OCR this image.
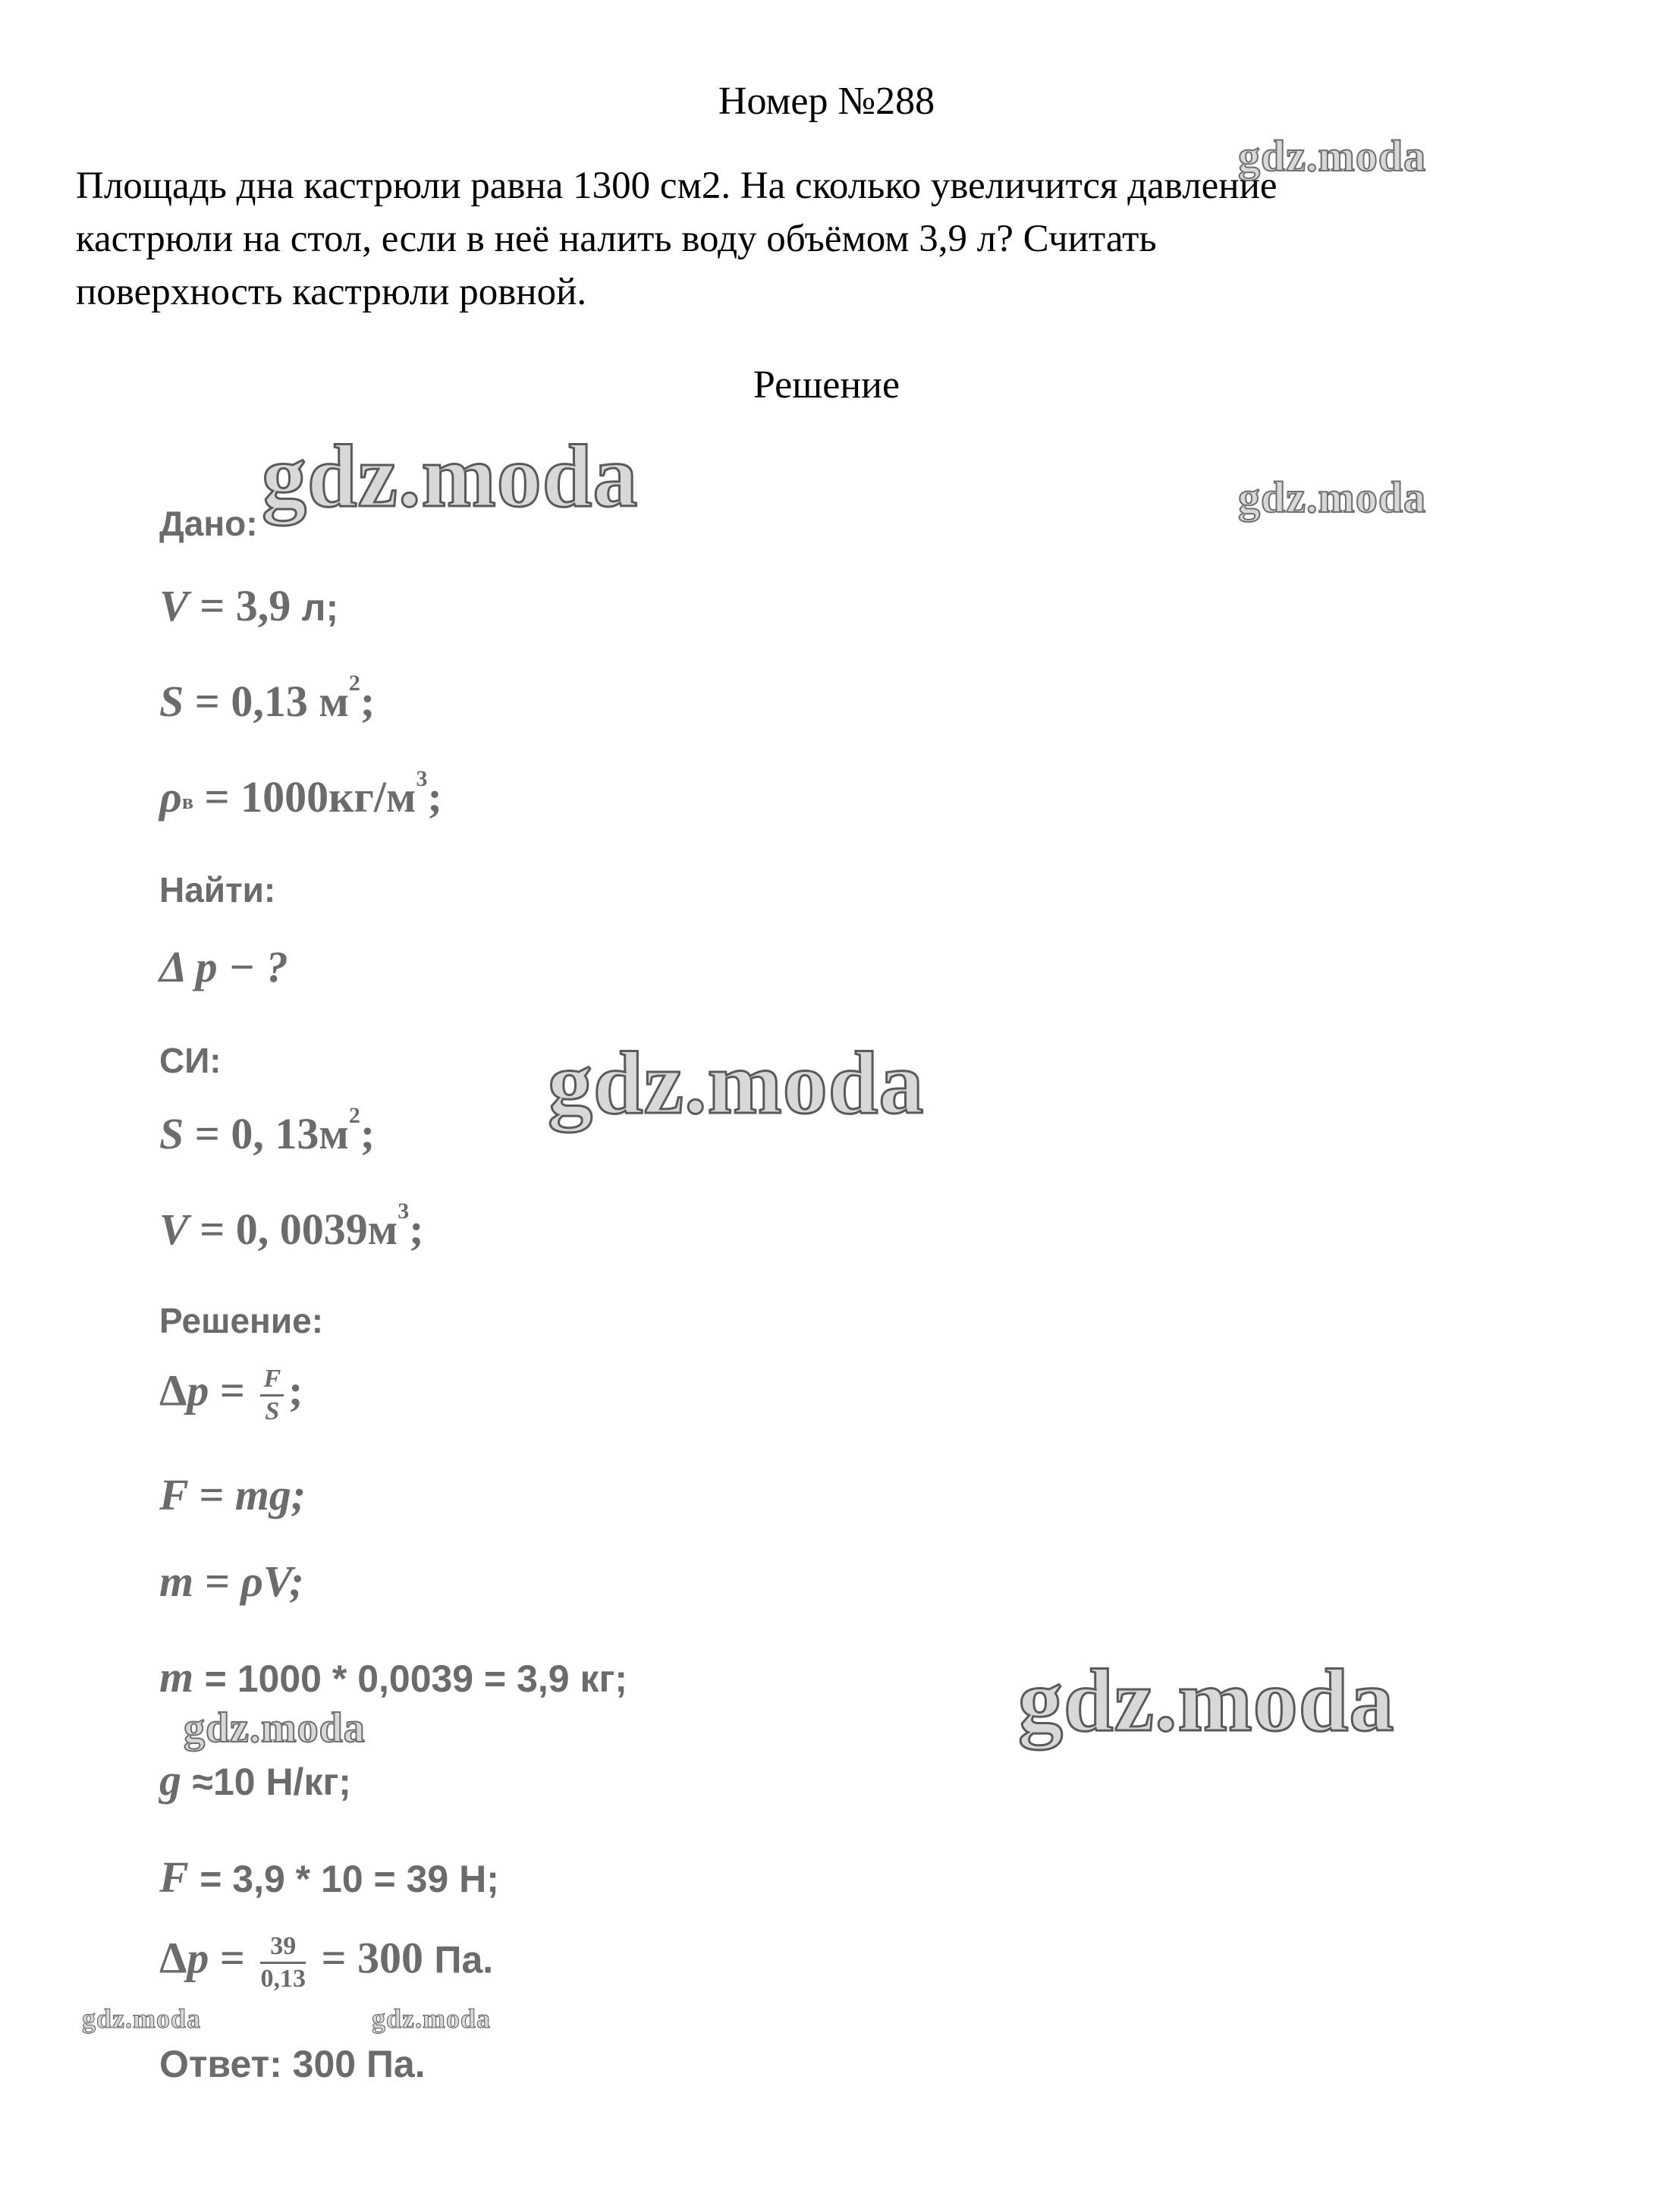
Номер №288
Площадь дна кастрюли равна 1300 см2. На сколько увеличится давление
кастрюли на стол, если в неё налить воду объёмом 3,9 л? Считать
поверхность кастрюли ровной.
Решение
Дано:
V = 3,9 л;
S = 0,13 $м^2$;
$\rho_в = 1000кг/м^3$;
Найти:
Δ p − ?
СИ:
S = 0, $13м^2$;
V = 0, $0039м^3$;
Решение:
$\Delta p = \frac{F}{S}$ ;
F = mg;
m = ρV;
m = 1000 * 0,0039 = 3,9 кг;
g ≈10 Н/кг;
F = 3,9 * 10 = 39 Н;
$\Delta p = \frac{39}{0,13} = 300$ Па.
Ответ: 300 Па.
gdz.moda
gdz.moda	gdz.moda
gdz.moda
gdz.moda
gdz.moda
gdz.moda	gdz.moda
